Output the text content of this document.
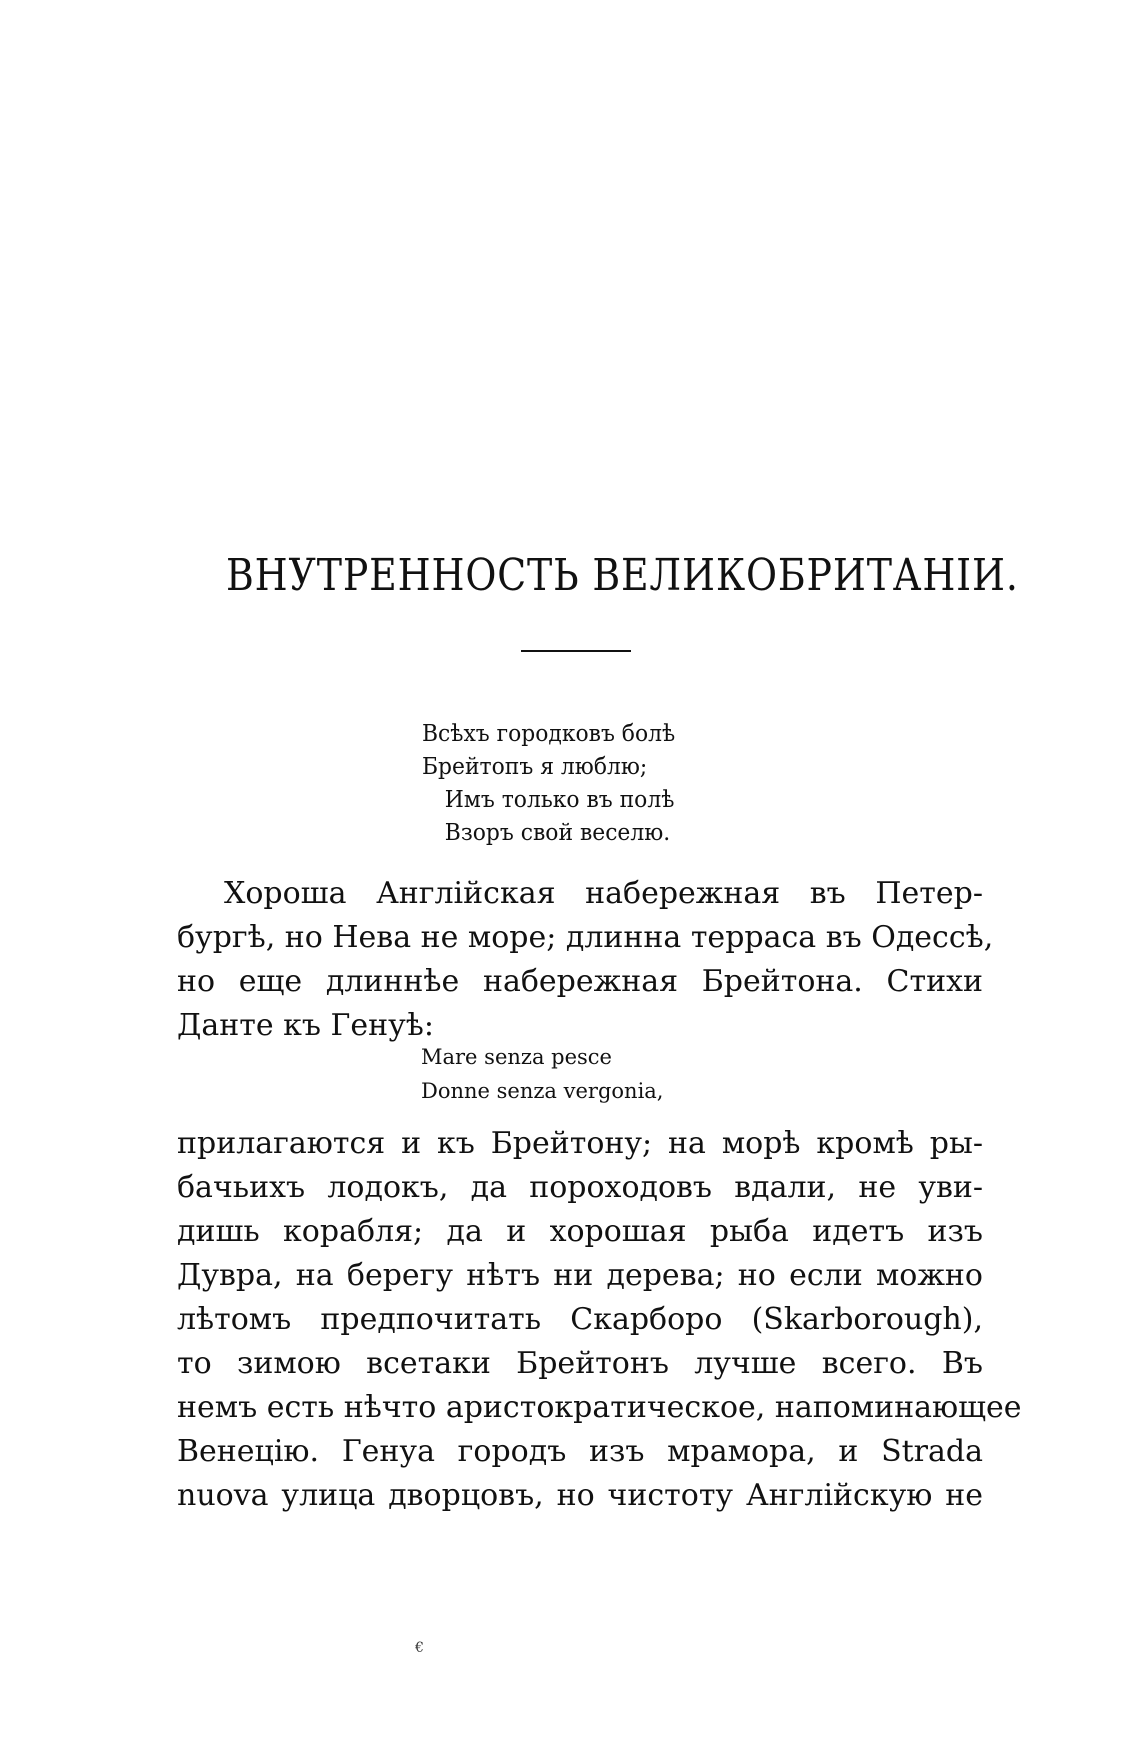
ВНУТРЕННОСТЬ ВЕЛИКОБРИТАНІИ.
Всѣхъ городковъ болѣ
Брейтопъ я люблю;
Имъ только въ полѣ
Взоръ свой веселю.
Хороша Англійская набережная въ Петер-
бургѣ, но Нева не море; длинна терраса въ Одессѣ,
но еще длиннѣе набережная Брейтона. Стихи
Данте къ Генуѣ:
Mare senza pesce
Donne senza vergonia,
прилагаются и къ Брейтону; на морѣ кромѣ ры-
бачьихъ лодокъ, да пороходовъ вдали, не уви-
дишь корабля; да и хорошая рыба идетъ изъ
Дувра, на берегу нѣтъ ни дерева; но если можно
лѣтомъ предпочитать Скарборо (Skarborough),
то зимою всетаки Брейтонъ лучше всего. Въ
немъ есть нѣчто аристократическое, напоминающее
Венецію. Генуа городъ изъ мрамора, и Strada
nuova улица дворцовъ, но чистоту Англійскую не
€
